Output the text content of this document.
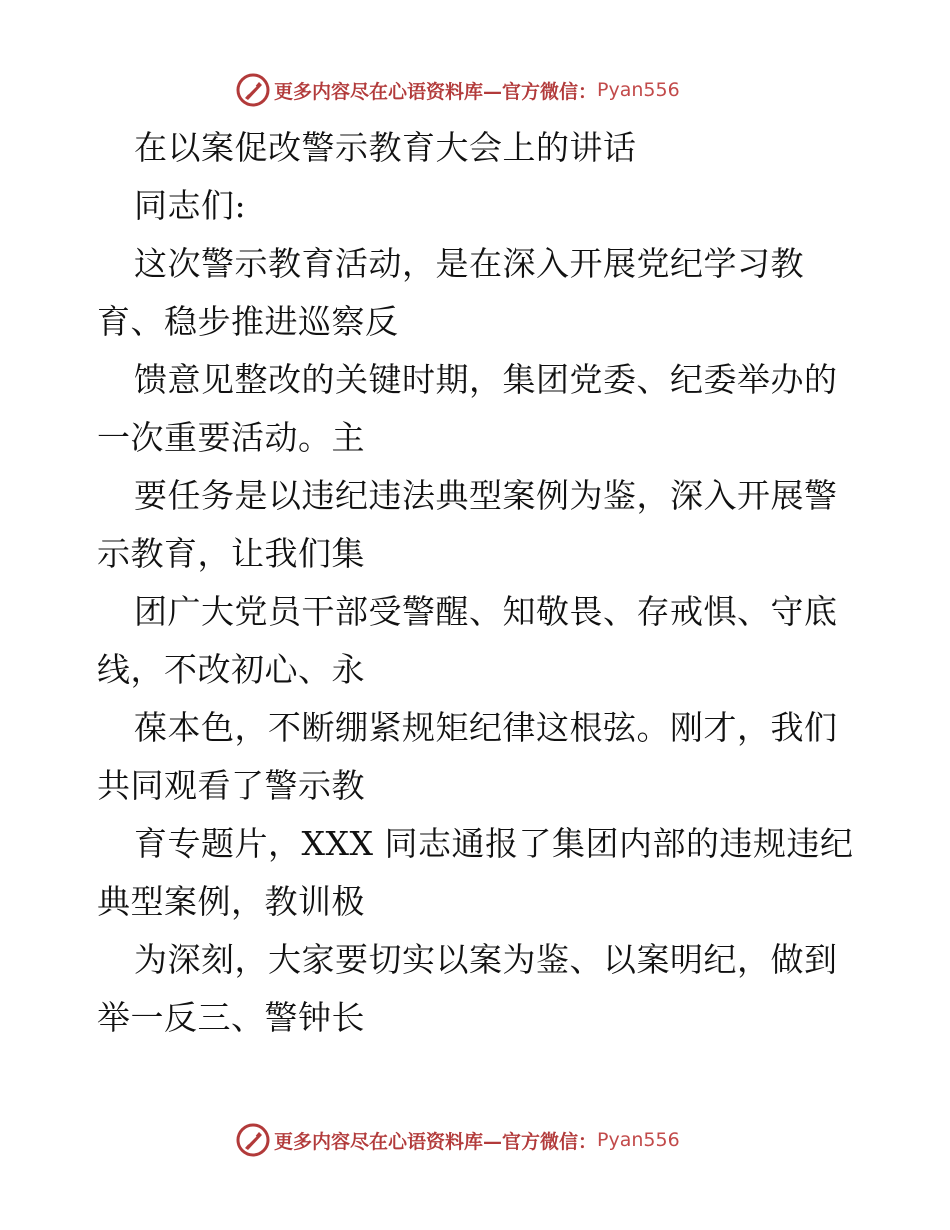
更多内容尽在心语资料库—官方微信： Pyan556
在以案促改警示教育大会上的讲话
同志们:
这次警示教育活动，是在深入开展党纪学习教
育、稳步推进巡察反
馈意见整改的关键时期，集团党委、纪委举办的
一次重要活动。主
要任务是以违纪违法典型案例为鉴，深入开展警
示教育，让我们集
团广大党员干部受警醒、知敬畏、存戒惧、守底
线，不改初心、永
葆本色，不断绷紧规矩纪律这根弦。刚才，我们
共同观看了警示教
育专题片，XXX 同志通报了集团内部的违规违纪
典型案例，教训极
为深刻，大家要切实以案为鉴、以案明纪，做到
举一反三、警钟长
更多内容尽在心语资料库—官方微信： Pyan556
